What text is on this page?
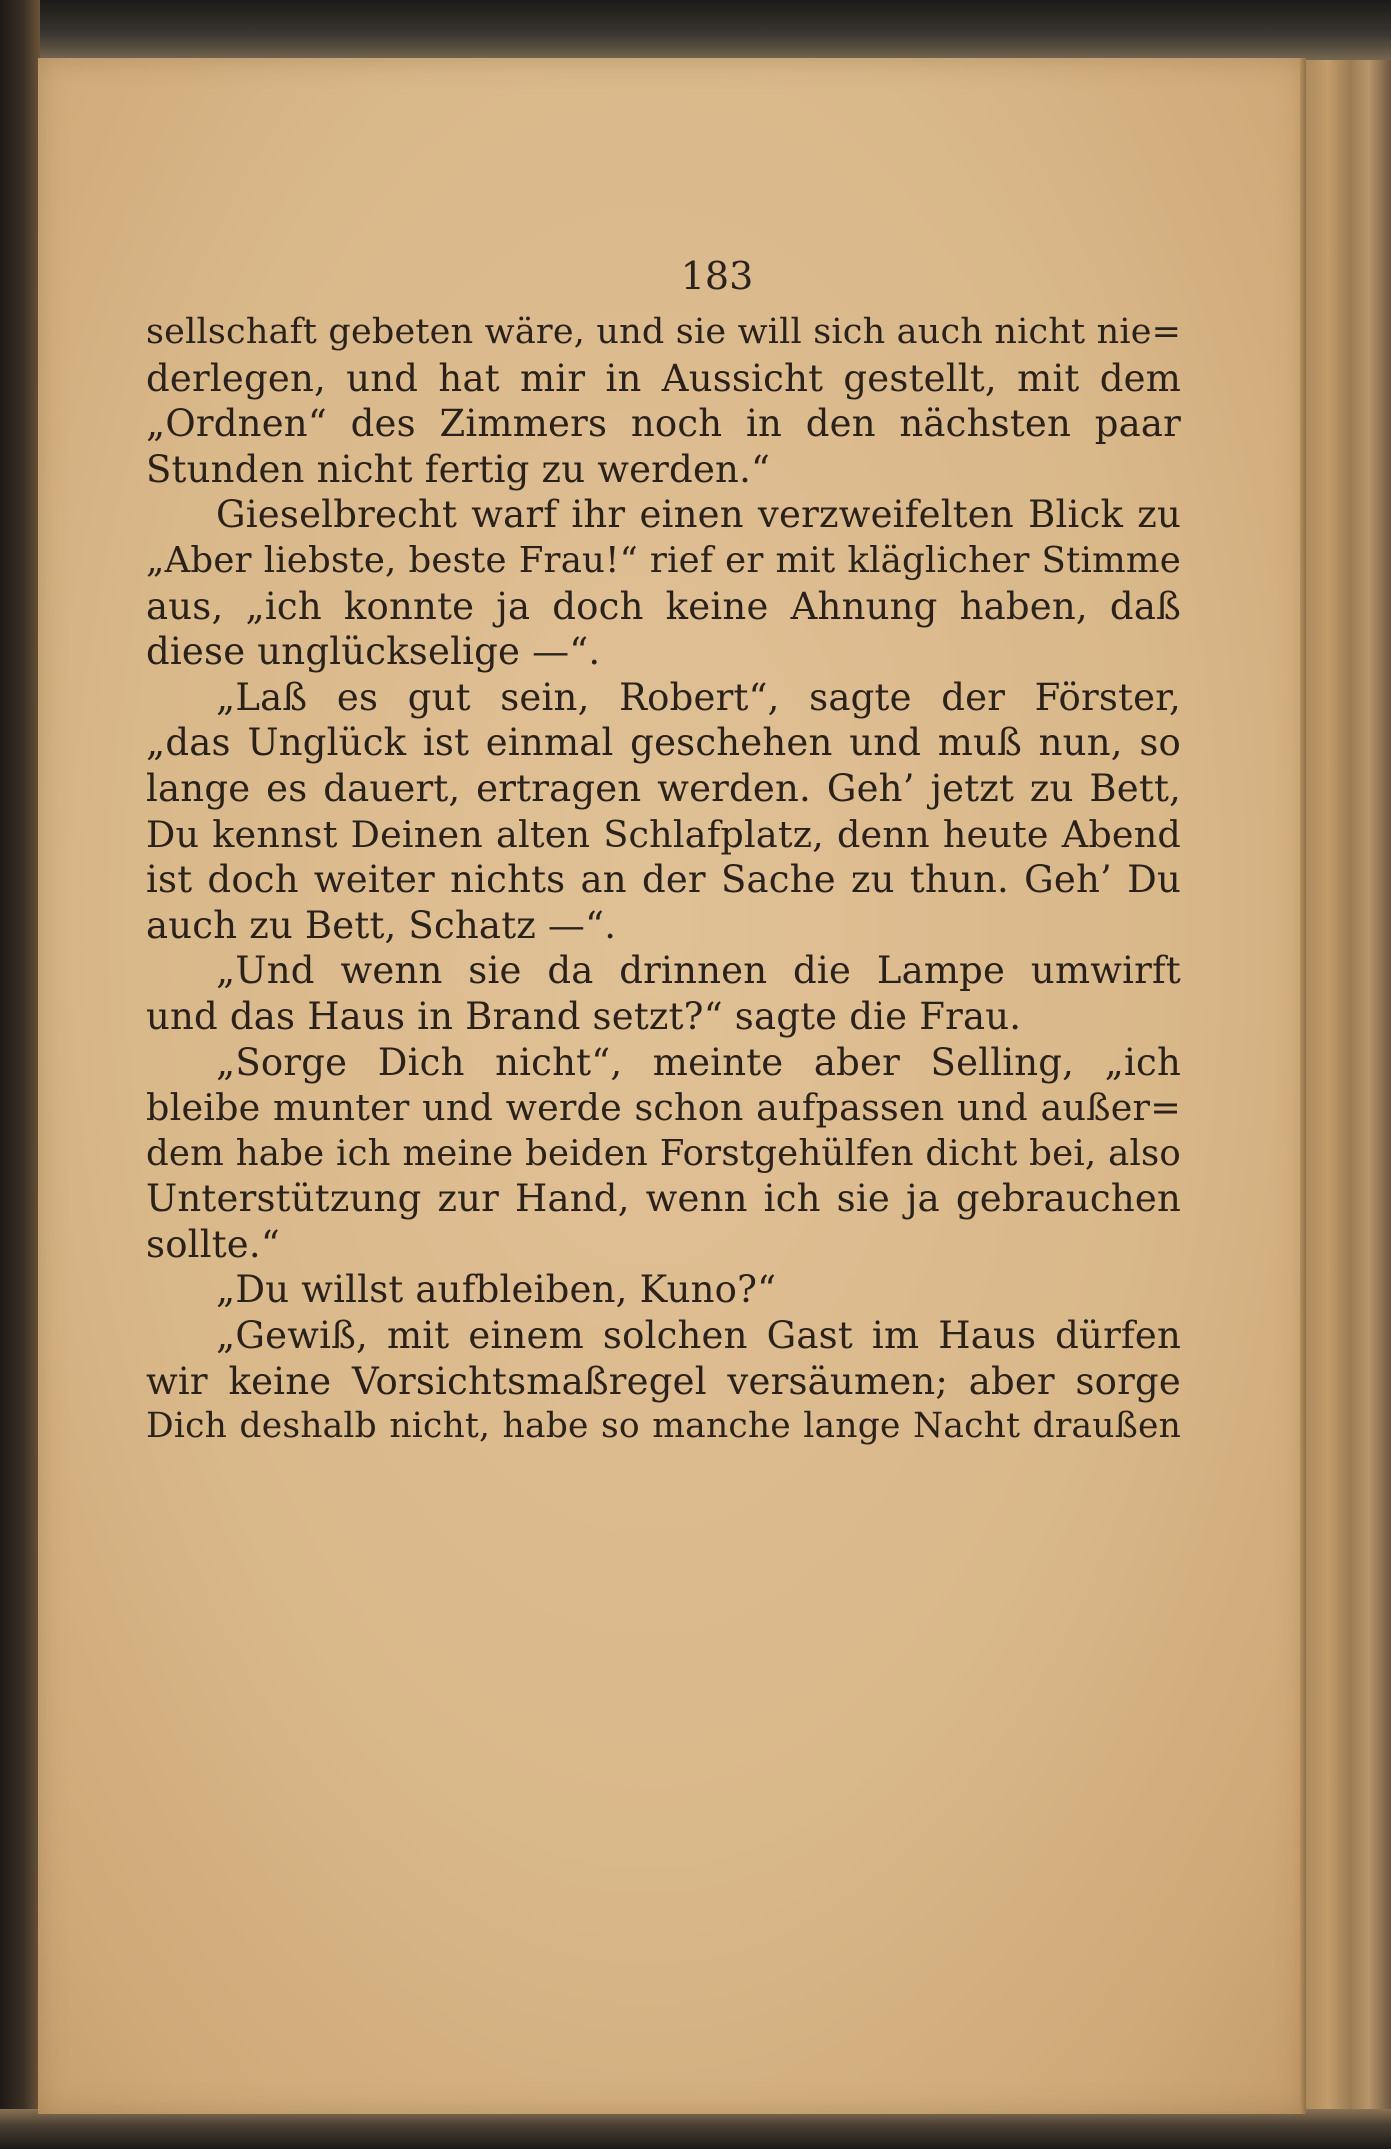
183

sellschaft gebeten wäre, und sie will sich auch nicht nie=
derlegen, und hat mir in Aussicht gestellt, mit dem
„Ordnen“ des Zimmers noch in den nächsten paar
Stunden nicht fertig zu werden.“
Gieselbrecht warf ihr einen verzweifelten Blick zu
„Aber liebste, beste Frau!“ rief er mit kläglicher Stimme
aus, „ich konnte ja doch keine Ahnung haben, daß
diese unglückselige —“.
„Laß es gut sein, Robert“, sagte der Förster,
„das Unglück ist einmal geschehen und muß nun, so
lange es dauert, ertragen werden. Geh’ jetzt zu Bett,
Du kennst Deinen alten Schlafplatz, denn heute Abend
ist doch weiter nichts an der Sache zu thun. Geh’ Du
auch zu Bett, Schatz —“.
„Und wenn sie da drinnen die Lampe umwirft
und das Haus in Brand setzt?“ sagte die Frau.
„Sorge Dich nicht“, meinte aber Selling, „ich
bleibe munter und werde schon aufpassen und außer=
dem habe ich meine beiden Forstgehülfen dicht bei, also
Unterstützung zur Hand, wenn ich sie ja gebrauchen
sollte.“
„Du willst aufbleiben, Kuno?“
„Gewiß, mit einem solchen Gast im Haus dürfen
wir keine Vorsichtsmaßregel versäumen; aber sorge
Dich deshalb nicht, habe so manche lange Nacht draußen
